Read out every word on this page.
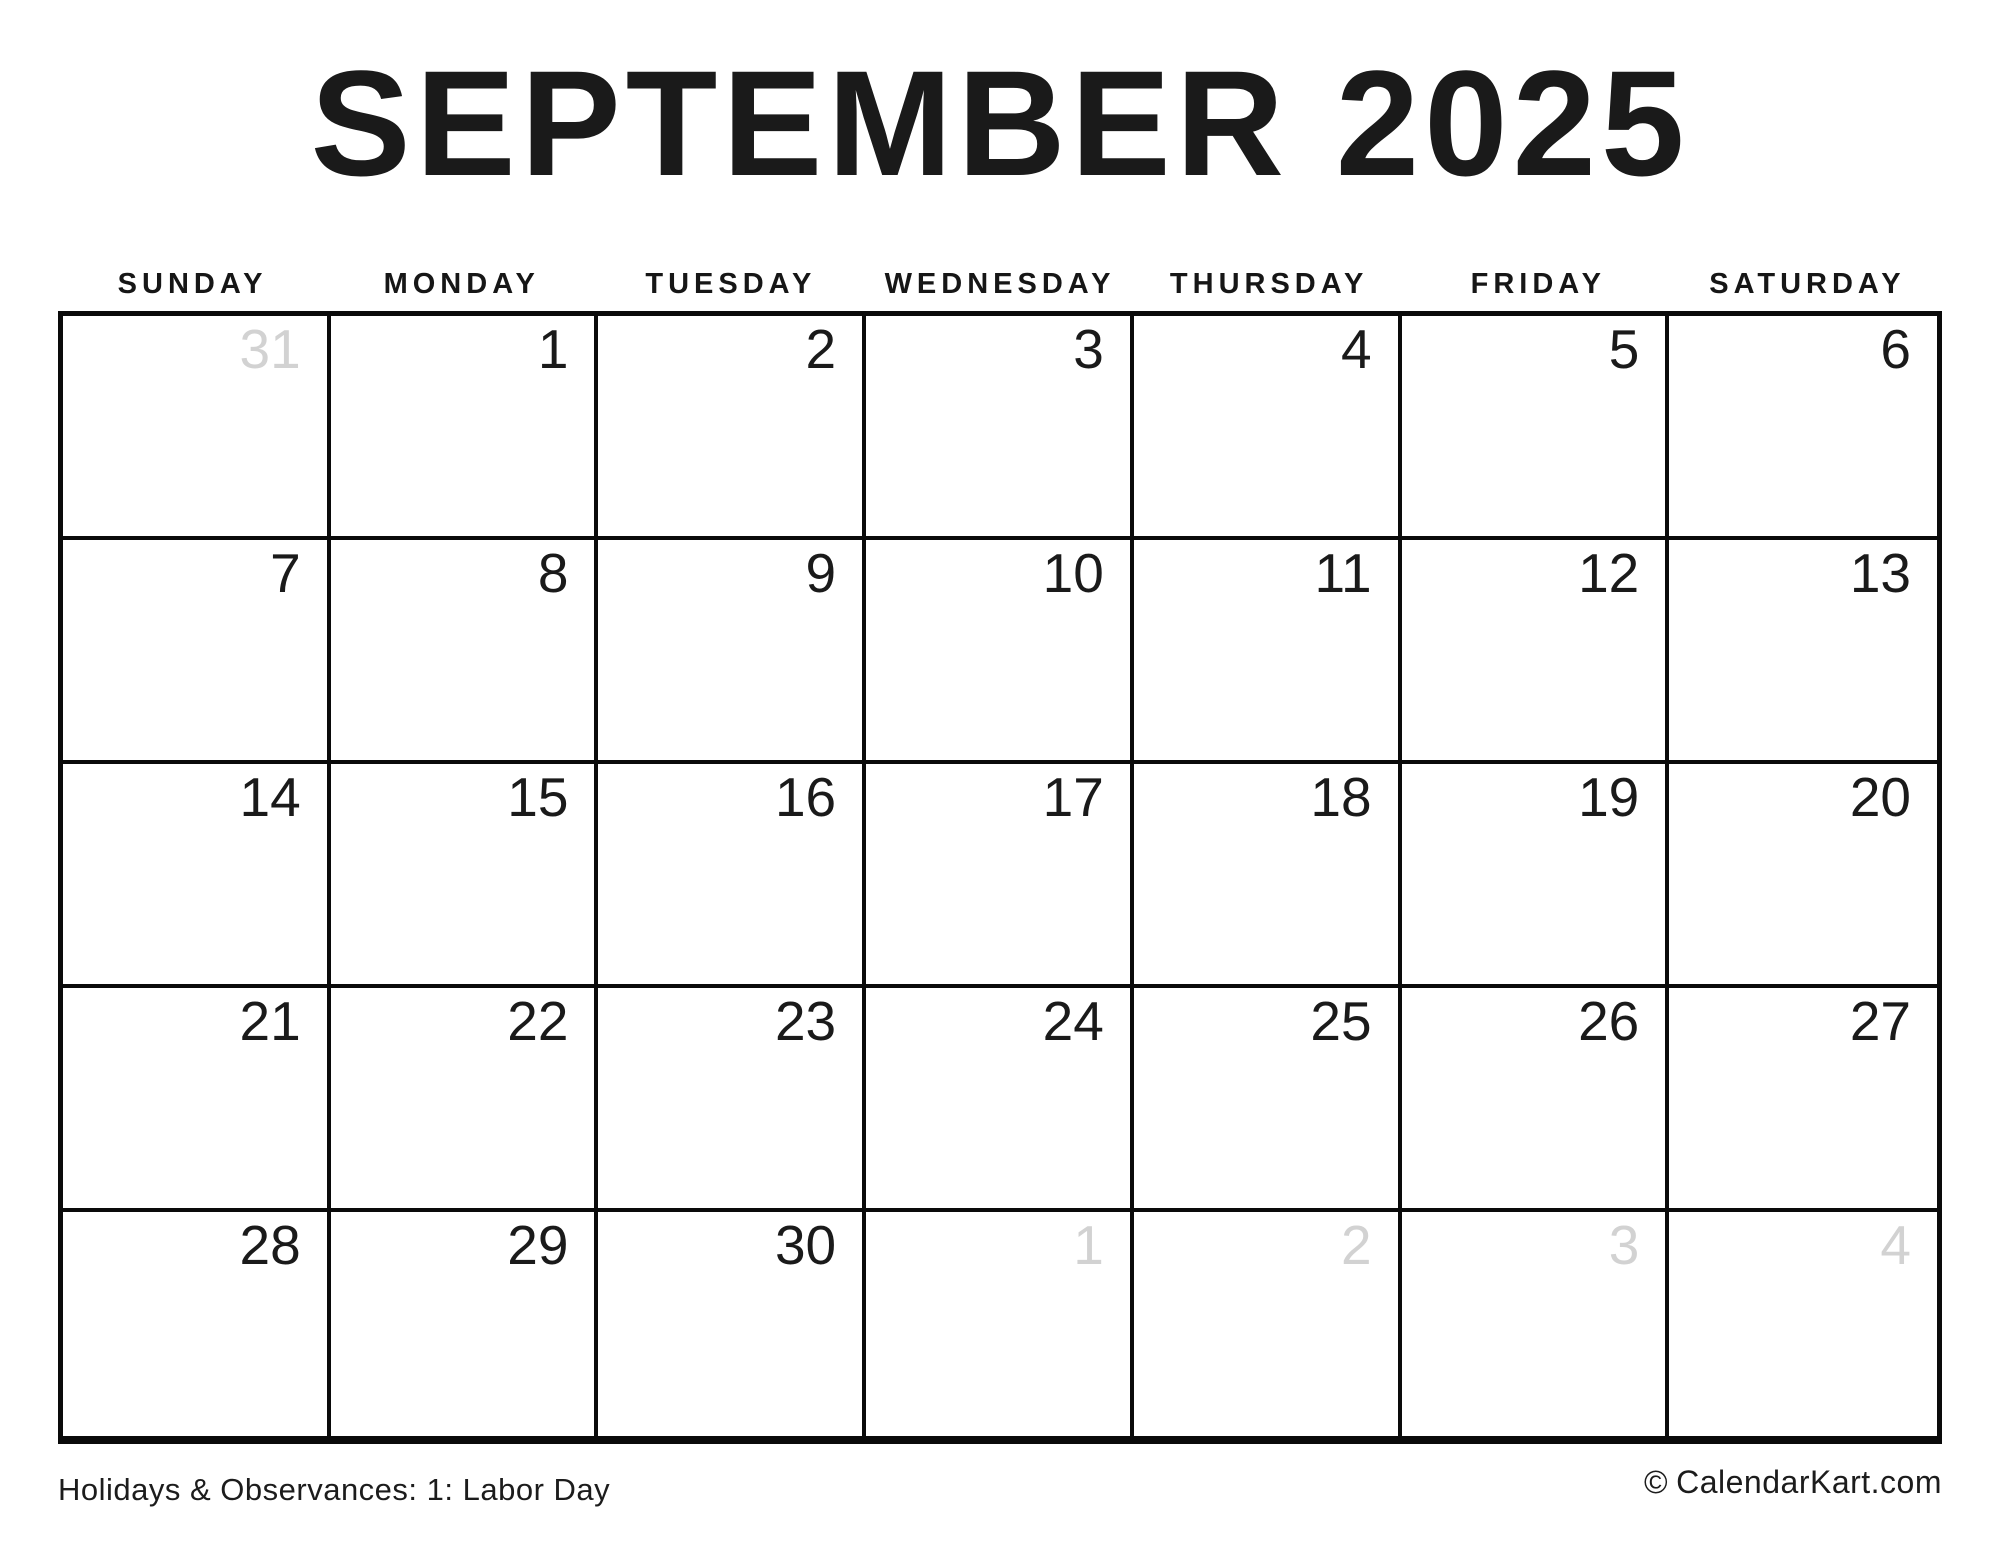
SEPTEMBER 2025
SUNDAY	MONDAY	TUESDAY	WEDNESDAY	THURSDAY	FRIDAY	SATURDAY
31	1	2	3	4	5	6
7	8	9	10	11	12	13
14	15	16	17	18	19	20
21	22	23	24	25	26	27
28	29	30	1	2	3	4
Holidays & Observances: 1: Labor Day	© CalendarKart.com
